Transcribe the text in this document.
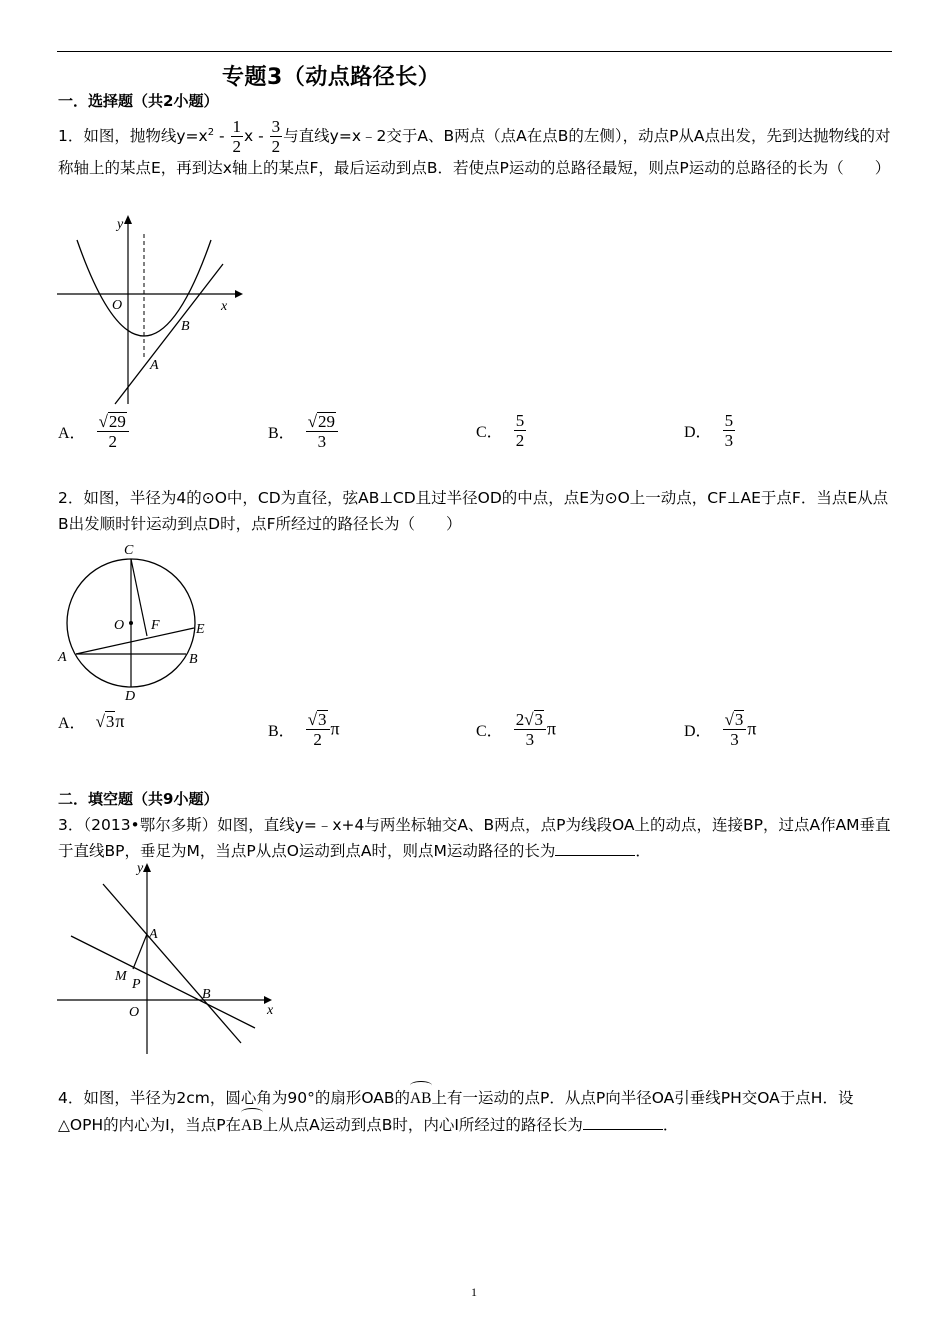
专题3（动点路径长）
一．选择题（共2小题）
1．如图，抛物线$y=x^2 - \frac{1}{2}$ x - $\frac{3}{2}$ 与直线y=x﹣2交于A、B两点（点A在点B的左侧），动点P从A点出发，先到达抛物线的对称轴上的某点E，再到达x轴上的某点F，最后运动到点B．若使点P运动的总路径最短，则点P运动的总路径的长为（　　）
y
x
O
A
B
A． $\frac{√29}{2}$	B． $\frac{√29}{3}$	C． $\frac{5}{2}$	D． $\frac{5}{3}$
2．如图，半径为4的⊙O中，CD为直径，弦AB⊥CD且过半径OD的中点，点E为⊙O上一动点，CF⊥AE于点F．当点E从点B出发顺时针运动到点D时，点F所经过的路径长为（　　）
C
O F	E
A	B
D
A． √3π	B． $\frac{√3}{2}$ π	C． $\frac{2√3}{3}$ π	D． $\frac{√3}{3}$ π
二．填空题（共9小题）
3．（2013•鄂尔多斯）如图，直线y=﹣x+4与两坐标轴交A、B两点，点P为线段OA上的动点，连接BP，过点A作AM垂直于直线BP，垂足为M，当点P从点O运动到点A时，则点M运动路径的长为	．
y
x
A
M
P
B
O
4．如图，半径为2cm，圆心角为90°的扇形OAB的AB上有一运动的点P．从点P向半径OA引垂线PH交OA于点H．设△OPH的内心为I，当点P在AB上从点A运动到点B时，内心I所经过的路径长为	．
1
